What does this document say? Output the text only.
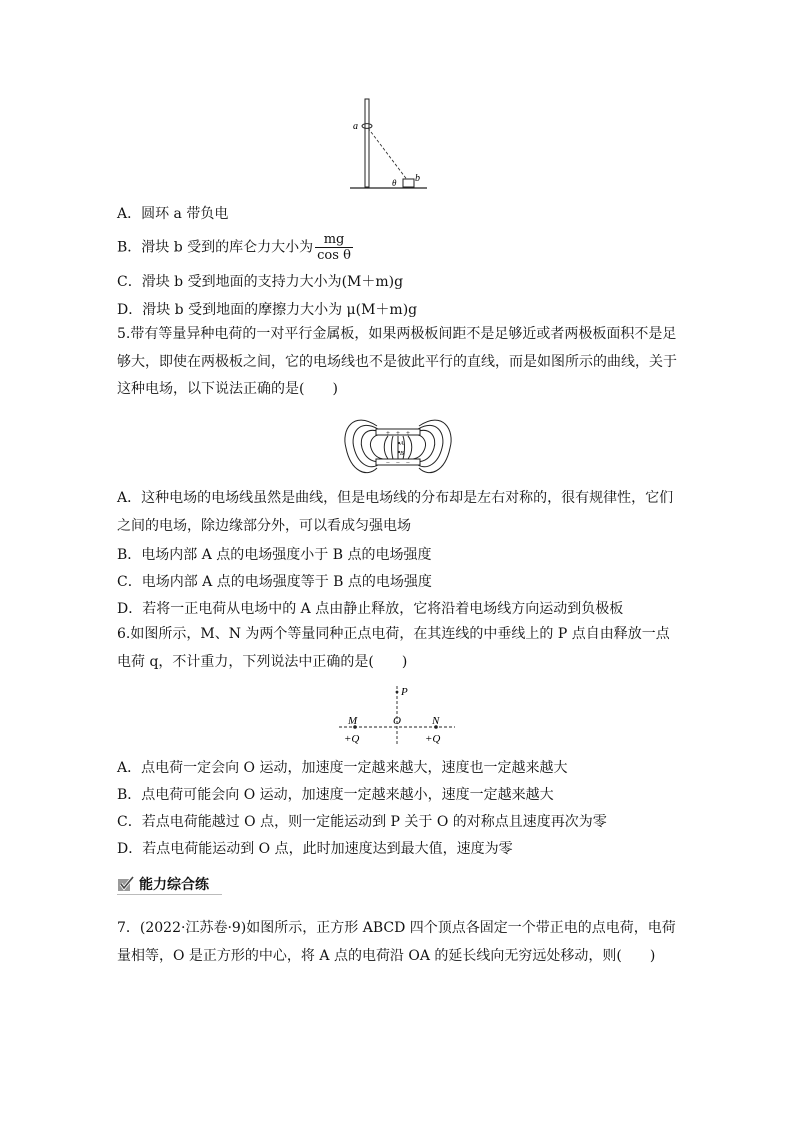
a
b
θ
A．圆环 a 带负电
B．滑块 b 受到的库仑力大小为 $\frac{mg}{\text{cos θ}}$
C．滑块 b 受到地面的支持力大小为(M＋m)g
D．滑块 b 受到地面的摩擦力大小为 μ(M＋m)g
5.带有等量异种电荷的一对平行金属板，如果两极板间距不是足够近或者两极板面积不是足够大，即使在两极板之间，它的电场线也不是彼此平行的直线，而是如图所示的曲线，关于这种电场，以下说法正确的是(　　)
+ + +
− − −
A
B
A．这种电场的电场线虽然是曲线，但是电场线的分布却是左右对称的，很有规律性，它们之间的电场，除边缘部分外，可以看成匀强电场
B．电场内部 A 点的电场强度小于 B 点的电场强度
C．电场内部 A 点的电场强度等于 B 点的电场强度
D．若将一正电荷从电场中的 A 点由静止释放，它将沿着电场线方向运动到负极板
6.如图所示，M、N 为两个等量同种正点电荷，在其连线的中垂线上的 P 点自由释放一点电荷 q，不计重力，下列说法中正确的是(　　)
P
M	O	N
+Q	+Q
A．点电荷一定会向 O 运动，加速度一定越来越大，速度也一定越来越大
B．点电荷可能会向 O 运动，加速度一定越来越小，速度一定越来越大
C．若点电荷能越过 O 点，则一定能运动到 P 关于 O 的对称点且速度再次为零
D．若点电荷能运动到 O 点，此时加速度达到最大值，速度为零
能力综合练
7．(2022·江苏卷·9)如图所示，正方形 ABCD 四个顶点各固定一个带正电的点电荷，电荷量相等，O 是正方形的中心，将 A 点的电荷沿 OA 的延长线向无穷远处移动，则(　　)
